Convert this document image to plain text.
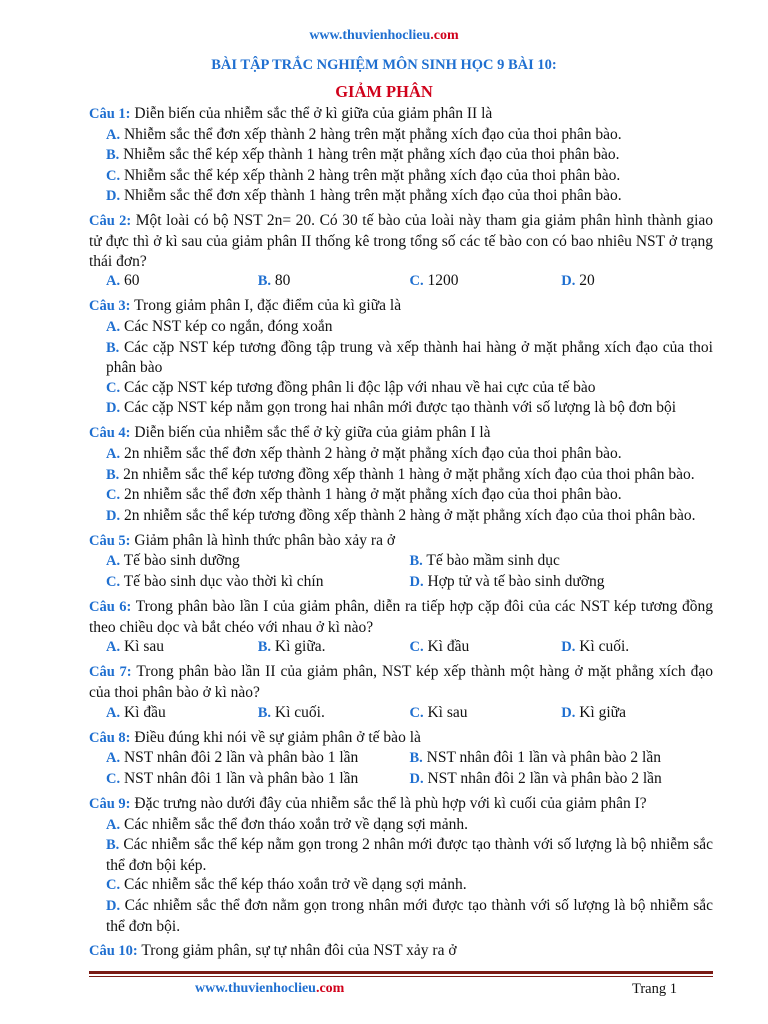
www.thuvienhoclieu.com
BÀI TẬP TRẮC NGHIỆM MÔN SINH HỌC 9 BÀI 10:
GIẢM PHÂN
Câu 1: Diễn biến của nhiễm sắc thể ở kì giữa của giảm phân II là
A. Nhiễm sắc thể đơn xếp thành 2 hàng trên mặt phẳng xích đạo của thoi phân bào.
B. Nhiễm sắc thể kép xếp thành 1 hàng trên mặt phẳng xích đạo của thoi phân bào.
C. Nhiễm sắc thể kép xếp thành 2 hàng trên mặt phẳng xích đạo của thoi phân bào.
D. Nhiễm sắc thể đơn xếp thành 1 hàng trên mặt phẳng xích đạo của thoi phân bào.
Câu 2: Một loài có bộ NST 2n= 20. Có 30 tế bào của loài này tham gia giảm phân hình thành giao tử đực thì ở kì sau của giảm phân II thống kê trong tổng số các tế bào con có bao nhiêu NST ở trạng thái đơn?
A. 60	B. 80	C. 1200	D. 20
Câu 3: Trong giảm phân I, đặc điểm của kì giữa là
A. Các NST kép co ngắn, đóng xoắn
B. Các cặp NST kép tương đồng tập trung và xếp thành hai hàng ở mặt phẳng xích đạo của thoi phân bào
C. Các cặp NST kép tương đồng phân li độc lập với nhau về hai cực của tế bào
D. Các cặp NST kép nằm gọn trong hai nhân mới được tạo thành với số lượng là bộ đơn bội
Câu 4: Diễn biến của nhiễm sắc thể ở kỳ giữa của giảm phân I là
A. 2n nhiễm sắc thể đơn xếp thành 2 hàng ở mặt phẳng xích đạo của thoi phân bào.
B. 2n nhiễm sắc thể kép tương đồng xếp thành 1 hàng ở mặt phẳng xích đạo của thoi phân bào.
C. 2n nhiễm sắc thể đơn xếp thành 1 hàng ở mặt phẳng xích đạo của thoi phân bào.
D. 2n nhiễm sắc thể kép tương đồng xếp thành 2 hàng ở mặt phẳng xích đạo của thoi phân bào.
Câu 5: Giảm phân là hình thức phân bào xảy ra ở
A. Tế bào sinh dưỡng	B. Tế bào mầm sinh dục
C. Tế bào sinh dục vào thời kì chín	D. Hợp tử và tế bào sinh dưỡng
Câu 6: Trong phân bào lần I của giảm phân, diễn ra tiếp hợp cặp đôi của các NST kép tương đồng theo chiều dọc và bắt chéo với nhau ở kì nào?
A. Kì sau	B. Kì giữa.	C. Kì đầu	D. Kì cuối.
Câu 7: Trong phân bào lần II của giảm phân, NST kép xếp thành một hàng ở mặt phẳng xích đạo của thoi phân bào ở kì nào?
A. Kì đầu	B. Kì cuối.	C. Kì sau	D. Kì giữa
Câu 8: Điều đúng khi nói về sự giảm phân ở tế bào là
A. NST nhân đôi 2 lần và phân bào 1 lần	B. NST nhân đôi 1 lần và phân bào 2 lần
C. NST nhân đôi 1 lần và phân bào 1 lần	D. NST nhân đôi 2 lần và phân bào 2 lần
Câu 9: Đặc trưng nào dưới đây của nhiễm sắc thể là phù hợp với kì cuối của giảm phân I?
A. Các nhiễm sắc thể đơn tháo xoắn trở về dạng sợi mảnh.
B. Các nhiễm sắc thể kép nằm gọn trong 2 nhân mới được tạo thành với số lượng là bộ nhiễm sắc thể đơn bội kép.
C. Các nhiễm sắc thể kép tháo xoắn trở về dạng sợi mảnh.
D. Các nhiễm sắc thể đơn nằm gọn trong nhân mới được tạo thành với số lượng là bộ nhiễm sắc thể đơn bội.
Câu 10: Trong giảm phân, sự tự nhân đôi của NST xảy ra ở
www.thuvienhoclieu.com	Trang 1
